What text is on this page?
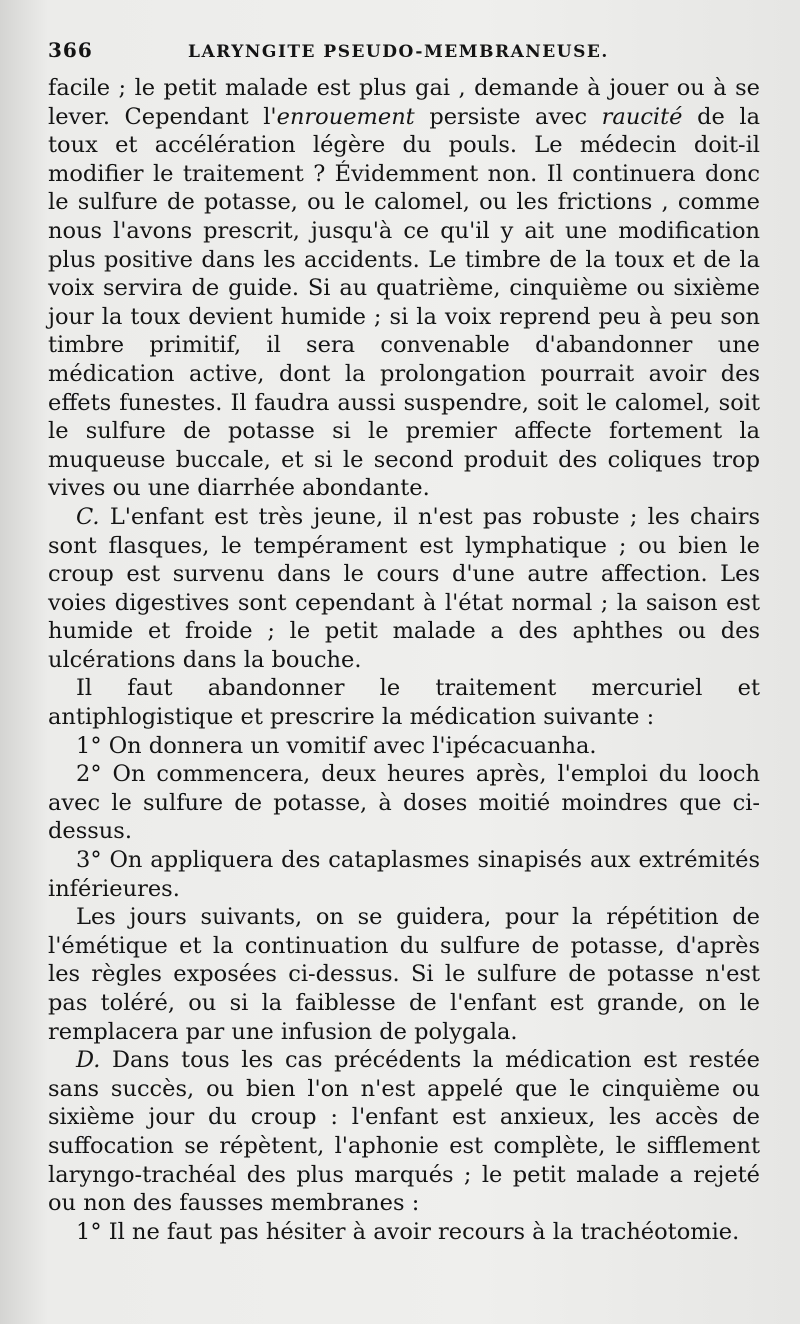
366	LARYNGITE PSEUDO-MEMBRANEUSE.

facile ; le petit malade est plus gai , demande à jouer ou à se lever. Cependant l'enrouement persiste avec raucité de la toux et accélération légère du pouls. Le médecin doit-il modifier le traitement ? Évidemment non. Il continuera donc le sulfure de potasse, ou le calomel, ou les frictions , comme nous l'avons prescrit, jusqu'à ce qu'il y ait une modification plus positive dans les accidents. Le timbre de la toux et de la voix servira de guide. Si au quatrième, cinquième ou sixième jour la toux devient humide ; si la voix reprend peu à peu son timbre primitif, il sera convenable d'abandonner une médication active, dont la prolongation pourrait avoir des effets funestes. Il faudra aussi suspendre, soit le calomel, soit le sulfure de potasse si le premier affecte fortement la muqueuse buccale, et si le second produit des coliques trop vives ou une diarrhée abondante.

C. L'enfant est très jeune, il n'est pas robuste ; les chairs sont flasques, le tempérament est lymphatique ; ou bien le croup est survenu dans le cours d'une autre affection. Les voies digestives sont cependant à l'état normal ; la saison est humide et froide ; le petit malade a des aphthes ou des ulcérations dans la bouche.

Il faut abandonner le traitement mercuriel et antiphlogistique et prescrire la médication suivante :

1° On donnera un vomitif avec l'ipécacuanha.

2° On commencera, deux heures après, l'emploi du looch avec le sulfure de potasse, à doses moitié moindres que ci-dessus.

3° On appliquera des cataplasmes sinapisés aux extrémités inférieures.

Les jours suivants, on se guidera, pour la répétition de l'émétique et la continuation du sulfure de potasse, d'après les règles exposées ci-dessus. Si le sulfure de potasse n'est pas toléré, ou si la faiblesse de l'enfant est grande, on le remplacera par une infusion de polygala.

D. Dans tous les cas précédents la médication est restée sans succès, ou bien l'on n'est appelé que le cinquième ou sixième jour du croup : l'enfant est anxieux, les accès de suffocation se répètent, l'aphonie est complète, le sifflement laryngo-trachéal des plus marqués ; le petit malade a rejeté ou non des fausses membranes :

1° Il ne faut pas hésiter à avoir recours à la trachéotomie.
